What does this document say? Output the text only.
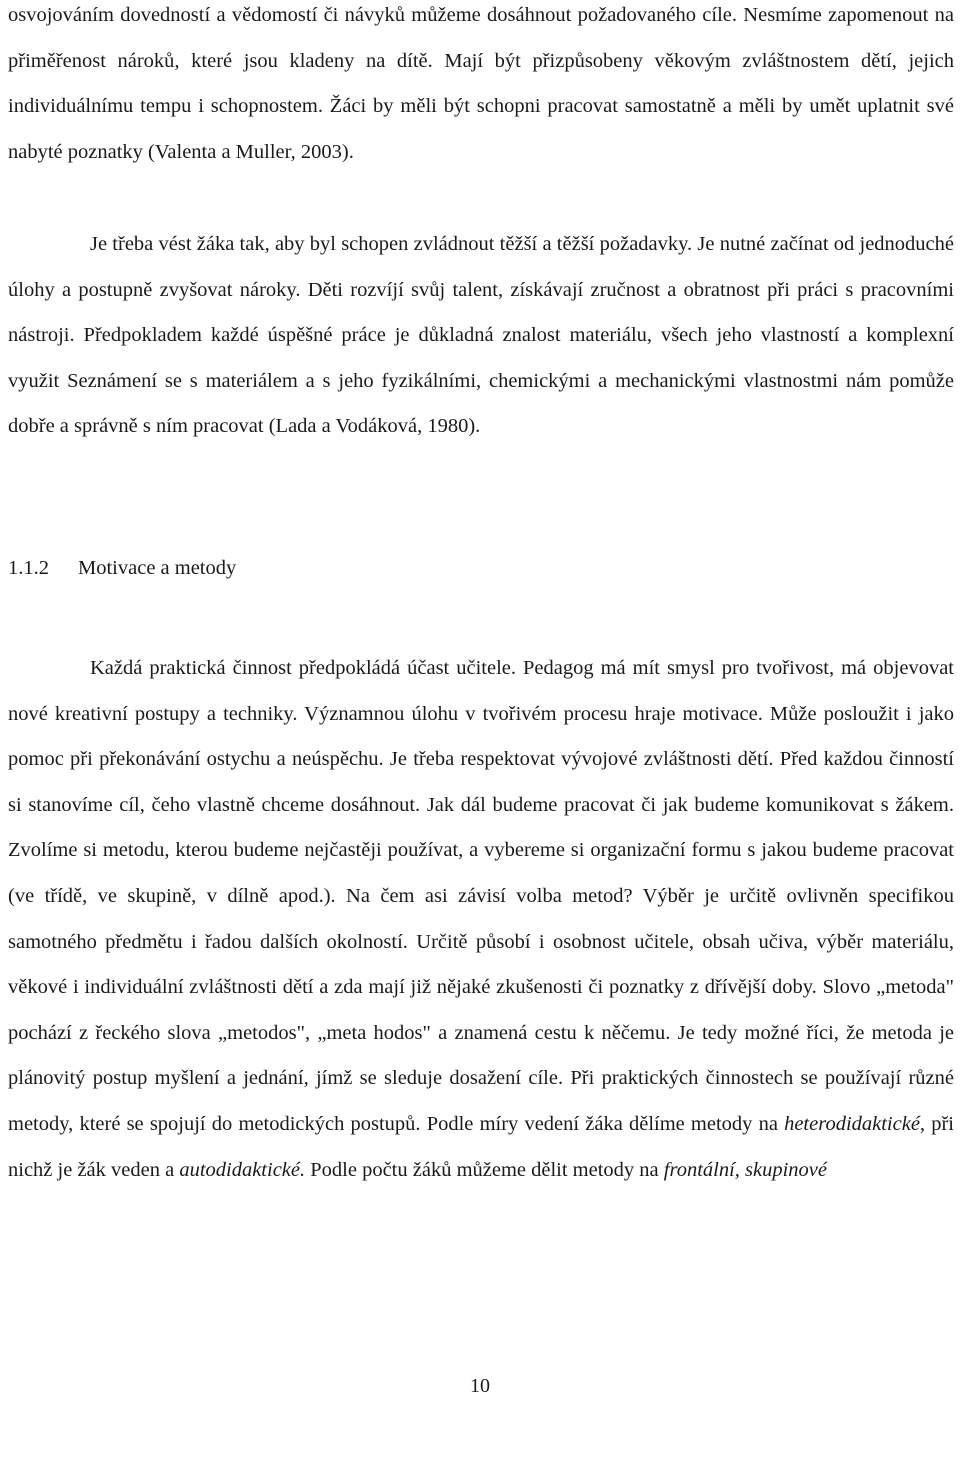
osvojováním dovedností a vědomostí či návyků můžeme dosáhnout požadovaného cíle. Nesmíme zapomenout na přiměřenost nároků, které jsou kladeny na dítě. Mají být přizpůsobeny věkovým zvláštnostem dětí, jejich individuálnímu tempu i schopnostem. Žáci by měli být schopni pracovat samostatně a měli by umět uplatnit své nabyté poznatky (Valenta a Muller, 2003).

Je třeba vést žáka tak, aby byl schopen zvládnout těžší a těžší požadavky. Je nutné začínat od jednoduché úlohy a postupně zvyšovat nároky. Děti rozvíjí svůj talent, získávají zručnost a obratnost při práci s pracovními nástroji. Předpokladem každé úspěšné práce je důkladná znalost materiálu, všech jeho vlastností a komplexní využit Seznámení se s materiálem a s jeho fyzikálními, chemickými a mechanickými vlastnostmi nám pomůže dobře a správně s ním pracovat (Lada a Vodáková, 1980).

1.1.2 Motivace a metody

Každá praktická činnost předpokládá účast učitele. Pedagog má mít smysl pro tvořivost, má objevovat nové kreativní postupy a techniky. Významnou úlohu v tvořivém procesu hraje motivace. Může posloužit i jako pomoc při překonávání ostychu a neúspěchu. Je třeba respektovat vývojové zvláštnosti dětí. Před každou činností si stanovíme cíl, čeho vlastně chceme dosáhnout. Jak dál budeme pracovat či jak budeme komunikovat s žákem. Zvolíme si metodu, kterou budeme nejčastěji používat, a vybereme si organizační formu s jakou budeme pracovat (ve třídě, ve skupině, v dílně apod.). Na čem asi závisí volba metod? Výběr je určitě ovlivněn specifikou samotného předmětu i řadou dalších okolností. Určitě působí i osobnost učitele, obsah učiva, výběr materiálu, věkové i individuální zvláštnosti dětí a zda mají již nějaké zkušenosti či poznatky z dřívější doby. Slovo „metoda" pochází z řeckého slova „metodos", „meta hodos" a znamená cestu k něčemu. Je tedy možné říci, že metoda je plánovitý postup myšlení a jednání, jímž se sleduje dosažení cíle. Při praktických činnostech se používají různé metody, které se spojují do metodických postupů. Podle míry vedení žáka dělíme metody na heterodidaktické, při nichž je žák veden a autodidaktické. Podle počtu žáků můžeme dělit metody na frontální, skupinové

10
